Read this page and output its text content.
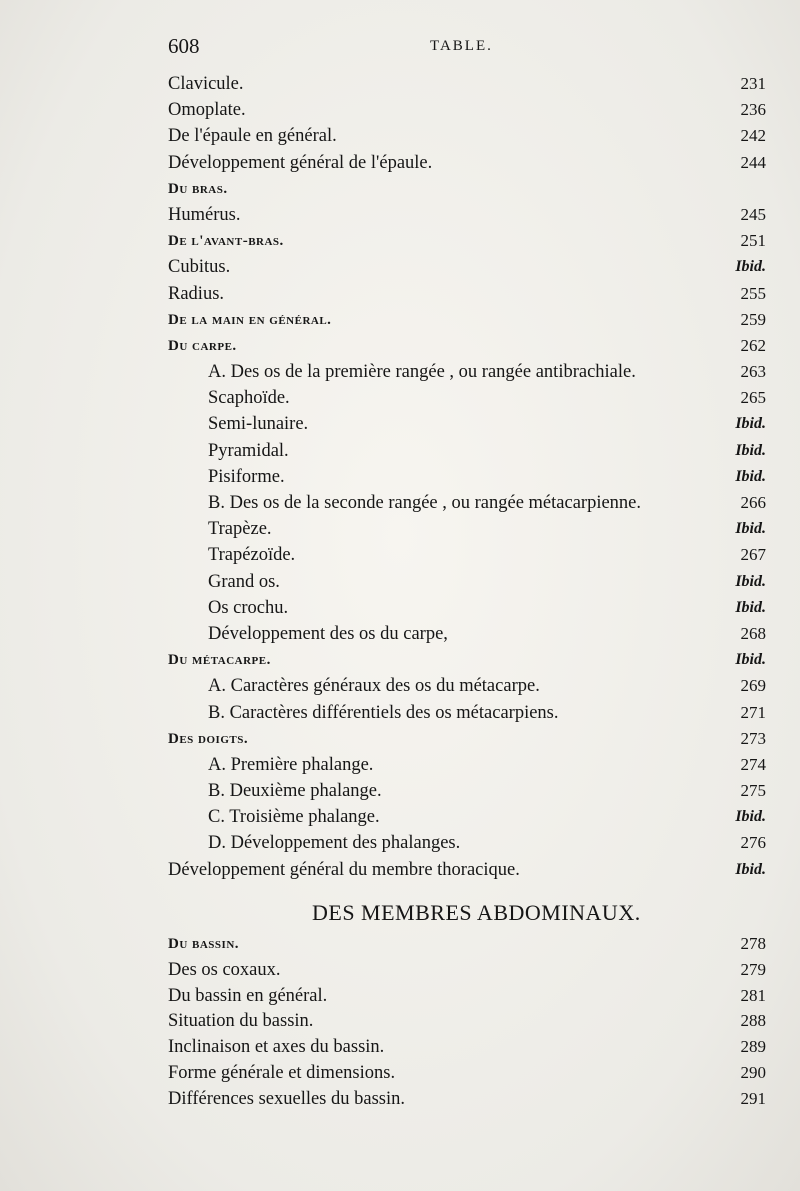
608	TABLE.
Clavicule.	231
Omoplate.	236
De l'épaule en général.	242
Développement général de l'épaule.	244
Du bras.
Humérus.	245
De l'avant-bras.	251
Cubitus.	Ibid.
Radius.	255
De la main en général.	259
Du carpe.	262
A. Des os de la première rangée , ou rangée antibrachiale.	263
Scaphoïde.	265
Semi-lunaire.	Ibid.
Pyramidal.	Ibid.
Pisiforme.	Ibid.
B. Des os de la seconde rangée , ou rangée métacarpienne.	266
Trapèze.	Ibid.
Trapézoïde.	267
Grand os.	Ibid.
Os crochu.	Ibid.
Développement des os du carpe,	268
Du métacarpe.	Ibid.
A. Caractères généraux des os du métacarpe.	269
B. Caractères différentiels des os métacarpiens.	271
Des doigts.	273
A. Première phalange.	274
B. Deuxième phalange.	275
C. Troisième phalange.	Ibid.
D. Développement des phalanges.	276
Développement général du membre thoracique.	Ibid.
DES MEMBRES ABDOMINAUX.
Du bassin.	278
Des os coxaux.	279
Du bassin en général.	281
Situation du bassin.	288
Inclinaison et axes du bassin.	289
Forme générale et dimensions.	290
Différences sexuelles du bassin.	291
